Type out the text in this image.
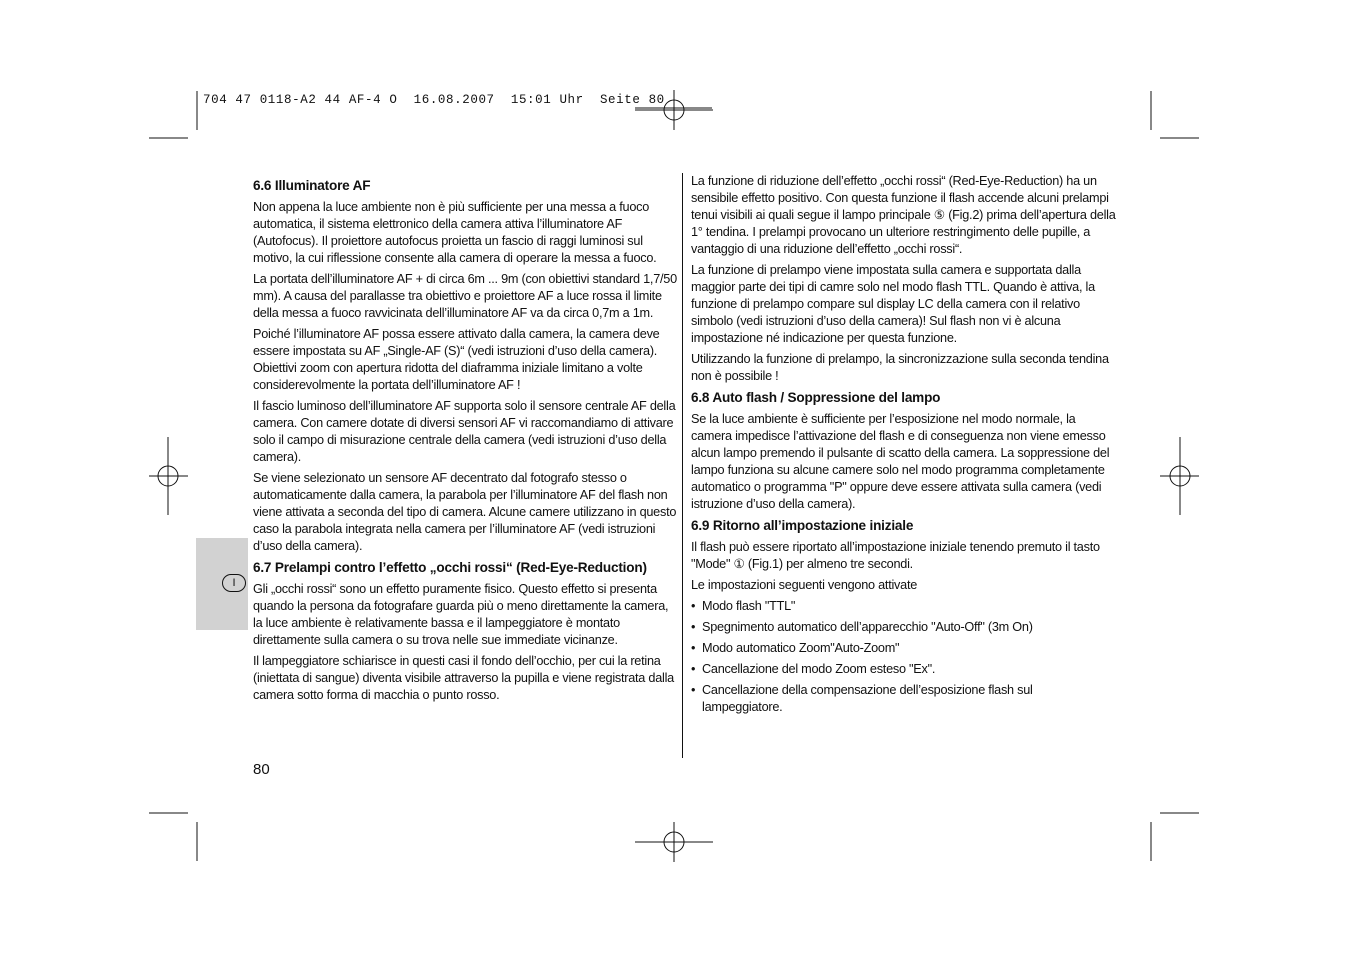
704 47 0118-A2 44 AF-4 O  16.08.2007  15:01 Uhr  Seite 80
I
6.6 Illuminatore AF

Non appena la luce ambiente non è più sufficiente per una messa a fuoco automatica, il sistema elettronico della camera attiva l’illuminatore AF (Autofocus). Il proiettore autofocus proietta un fascio di raggi luminosi sul motivo, la cui riflessione consente alla camera di operare la messa a fuoco.

La portata dell’illuminatore AF + di circa 6m ... 9m (con obiettivi standard 1,7/50 mm). A causa del parallasse tra obiettivo e proiettore AF a luce rossa il limite della messa a fuoco ravvicinata dell’illuminatore AF va da circa 0,7m a 1m.

Poiché l’illuminatore AF possa essere attivato dalla camera, la camera deve essere impostata su AF „Single-AF (S)“ (vedi istruzioni d’uso della camera). Obiettivi zoom con apertura ridotta del diaframma iniziale limitano a volte considerevolmente la portata dell’illuminatore AF !

Il fascio luminoso dell’illuminatore AF supporta solo il sensore centrale AF della camera. Con camere dotate di diversi sensori AF vi raccomandiamo di attivare solo il campo di misurazione centrale della camera (vedi istruzioni d’uso della camera).

Se viene selezionato un sensore AF decentrato dal fotografo stesso o automaticamente dalla camera, la parabola per l’illuminatore AF del flash non viene attivata a seconda del tipo di camera. Alcune camere utilizzano in questo caso la parabola integrata nella camera per l’illuminatore AF (vedi istruzioni d’uso della camera).

6.7 Prelampi contro l’effetto „occhi rossi“ (Red-Eye-Reduction)

Gli „occhi rossi“ sono un effetto puramente fisico. Questo effetto si presenta quando la persona da fotografare guarda più o meno direttamente la camera, la luce ambiente è relativamente bassa e il lampeggiatore è montato direttamente sulla camera o su trova nelle sue immediate vicinanze.

Il lampeggiatore schiarisce in questi casi il fondo dell’occhio, per cui la retina (iniettata di sangue) diventa visibile attraverso la pupilla e viene registrata dalla camera sotto forma di macchia o punto rosso.

La funzione di riduzione dell’effetto „occhi rossi“ (Red-Eye-Reduction) ha un sensibile effetto positivo. Con questa funzione il flash accende alcuni prelampi tenui visibili ai quali segue il lampo principale ⑤ (Fig.2) prima dell’apertura della 1° tendina. I prelampi provocano un ulteriore restringimento delle pupille, a vantaggio di una riduzione dell’effetto „occhi rossi“.

La funzione di prelampo viene impostata sulla camera e supportata dalla maggior parte dei tipi di camre solo nel modo flash TTL. Quando è attiva, la funzione di prelampo compare sul display LC della camera con il relativo simbolo (vedi istruzioni d’uso della camera)! Sul flash non vi è alcuna impostazione né indicazione per questa funzione.

Utilizzando la funzione di prelampo, la sincronizzazione sulla seconda tendina non è possibile !

6.8 Auto flash / Soppressione del lampo

Se la luce ambiente è sufficiente per l’esposizione nel modo normale, la camera impedisce l’attivazione del flash e di conseguenza non viene emesso alcun lampo premendo il pulsante di scatto della camera. La soppressione del lampo funziona su alcune camere solo nel modo programma completamente automatico o programma "P" oppure deve essere attivata sulla camera (vedi istruzione d’uso della camera).

6.9 Ritorno all’impostazione iniziale

Il flash può essere riportato all’impostazione iniziale tenendo premuto il tasto "Mode" ① (Fig.1) per almeno tre secondi.

Le impostazioni seguenti vengono attivate

• Modo flash "TTL"
• Spegnimento automatico dell’apparecchio "Auto-Off" (3m On)
• Modo automatico Zoom"Auto-Zoom"
• Cancellazione del modo Zoom esteso "Ex".
• Cancellazione della compensazione dell’esposizione flash sul lampeggiatore.
80
